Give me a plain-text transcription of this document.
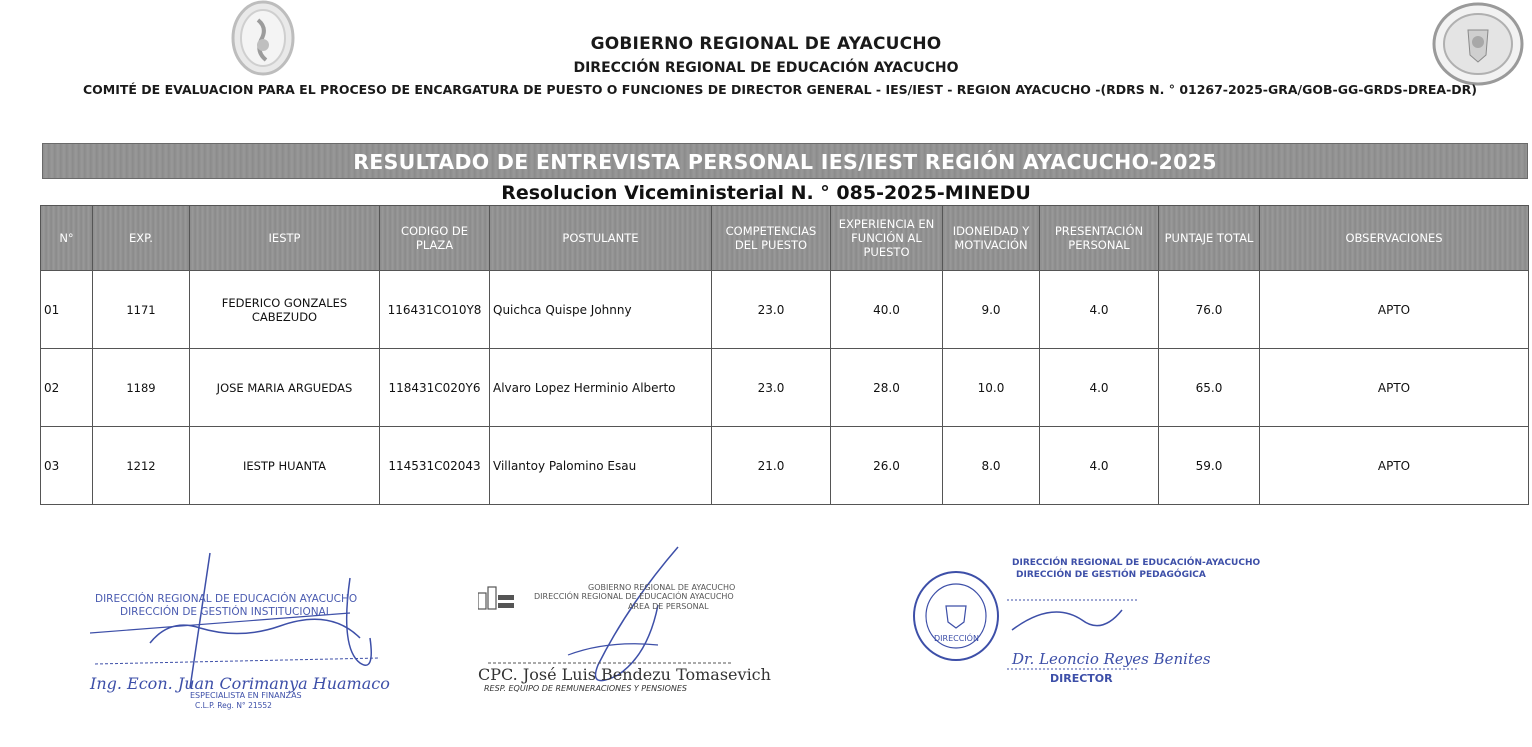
GOBIERNO REGIONAL DE AYACUCHO
DIRECCIÓN REGIONAL DE EDUCACIÓN AYACUCHO
COMITÉ DE EVALUACION PARA EL PROCESO DE ENCARGATURA DE PUESTO O FUNCIONES DE DIRECTOR GENERAL - IES/IEST - REGION AYACUCHO -(RDRS N. ° 01267-2025-GRA/GOB-GG-GRDS-DREA-DR)
RESULTADO DE ENTREVISTA PERSONAL IES/IEST REGIÓN AYACUCHO-2025
Resolucion Viceministerial N. ° 085-2025-MINEDU
N°	EXP.	IESTP	CODIGO DE PLAZA	POSTULANTE	COMPETENCIAS DEL PUESTO	EXPERIENCIA EN FUNCIÓN AL PUESTO	IDONEIDAD Y MOTIVACIÓN	PRESENTACIÓN PERSONAL	PUNTAJE TOTAL	OBSERVACIONES
01	1171	FEDERICO GONZALES CABEZUDO	116431CO10Y8	Quichca Quispe Johnny	23.0	40.0	9.0	4.0	76.0	APTO
02	1189	JOSE MARIA ARGUEDAS	118431C020Y6	Alvaro Lopez Herminio Alberto	23.0	28.0	10.0	4.0	65.0	APTO
03	1212	IESTP HUANTA	114531C02043	Villantoy Palomino Esau	21.0	26.0	8.0	4.0	59.0	APTO
DIRECCIÓN REGIONAL DE EDUCACIÓN AYACUCHO
DIRECCIÓN DE GESTIÓN INSTITUCIONAL
Ing. Econ. Juan Corimanya Huamaco
ESPECIALISTA EN FINANZAS
C.L.P. Reg. N° 21552
GOBIERNO REGIONAL DE AYACUCHO
DIRECCIÓN REGIONAL DE EDUCACIÓN AYACUCHO
AREA DE PERSONAL
CPC. José Luis Bendezu Tomasevich
RESP. EQUIPO DE REMUNERACIONES Y PENSIONES
DIRECCIÓN REGIONAL DE EDUCACIÓN-AYACUCHO
DIRECCIÓN DE GESTIÓN PEDAGÓGICA
DIRECCIÓN
Dr. Leoncio Reyes Benites
DIRECTOR
